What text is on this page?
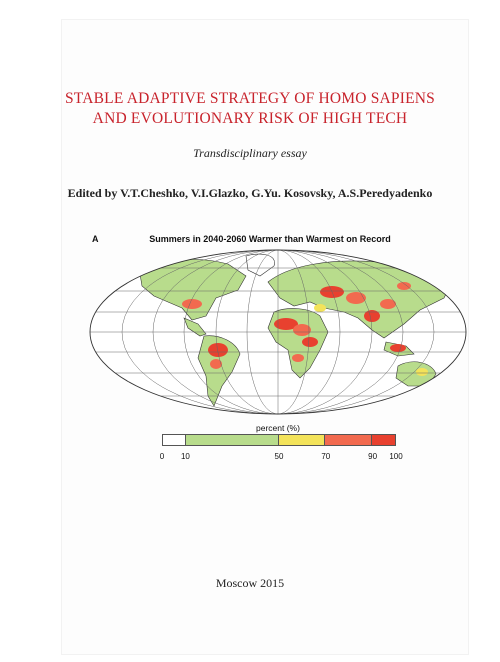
STABLE ADAPTIVE STRATEGY OF HOMO SAPIENS
AND EVOLUTIONARY RISK OF HIGH TECH
Transdisciplinary essay
Edited by V.T.Cheshko, V.I.Glazko, G.Yu. Kosovsky, A.S.Peredyadenko
A	Summers in 2040-2060 Warmer than Warmest on Record
percent (%)
0 10	50	70	90 100
Moscow 2015
